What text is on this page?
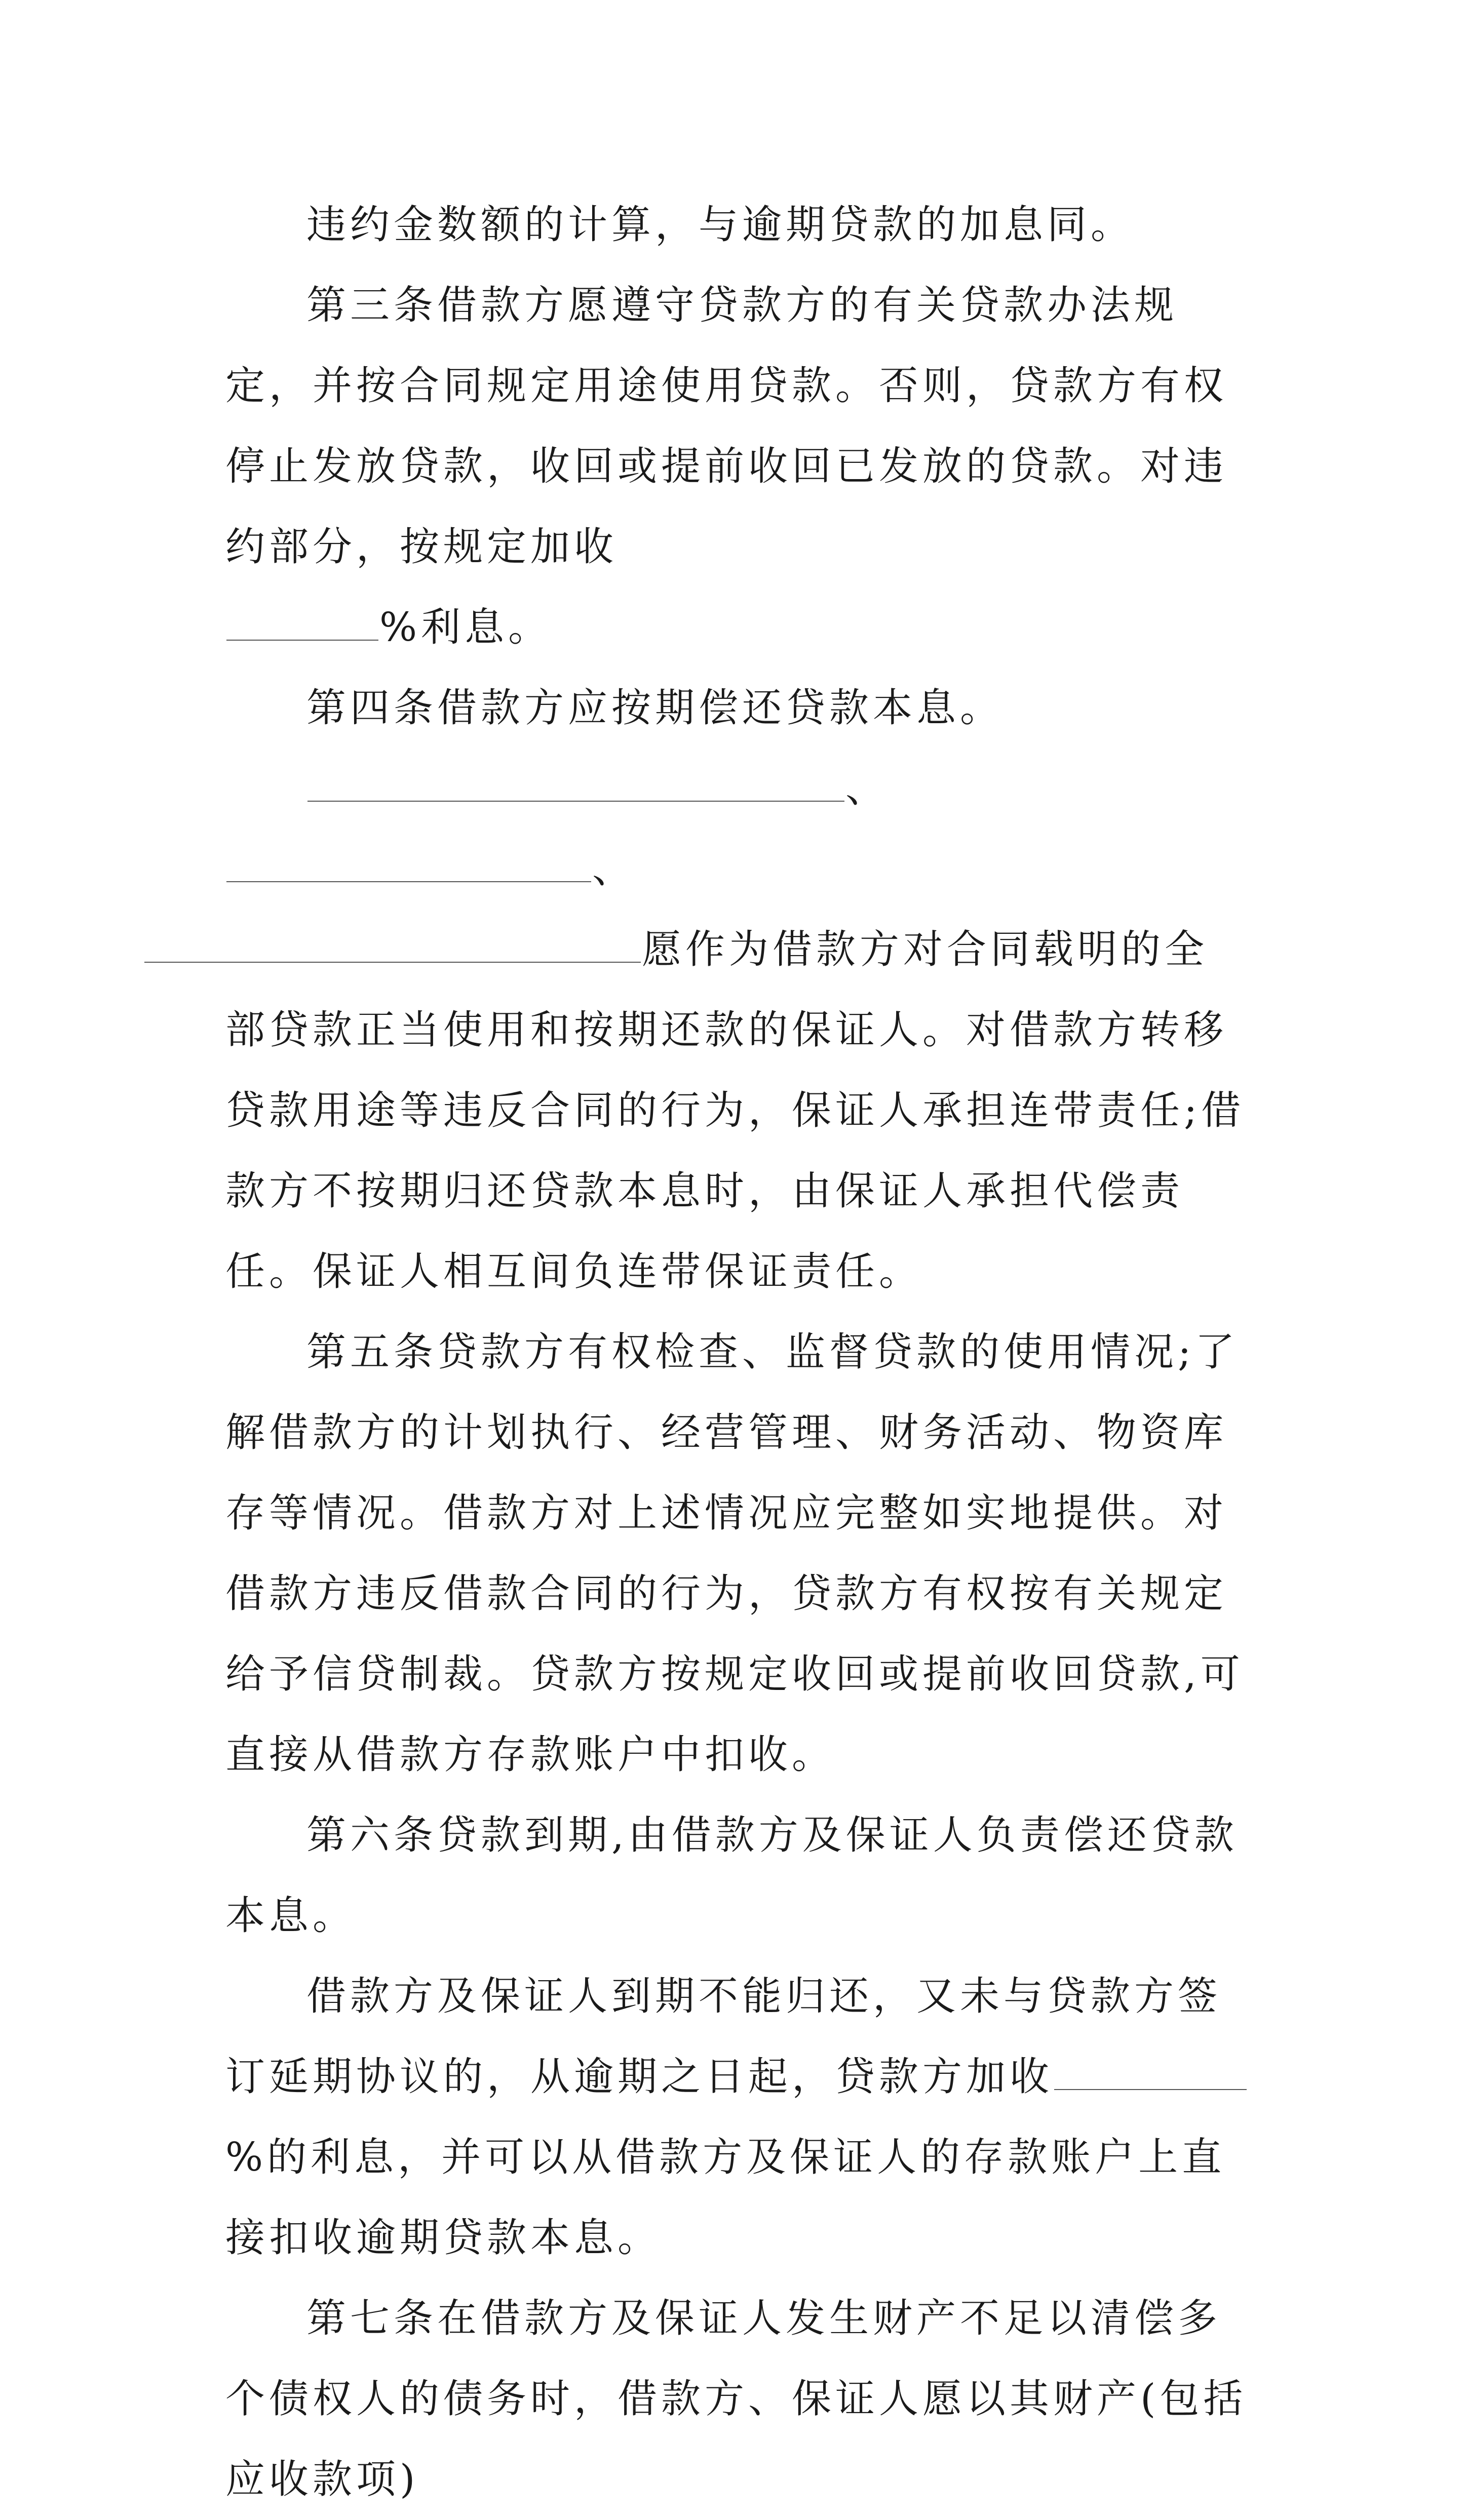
违约金数额的计算，与逾期贷款的加息同。

第三条借款方愿遵守贷款方的有关贷款办法规定，并按合同规定用途使用贷款。否则，贷款方有权停止发放贷款，收回或提前收回已发放的贷款。对违约部分，按规定加收
%利息。

第四条借款方应按期偿还贷款本息。

、、
愿作为借款方对合同载明的全部贷款正当使用和按期还款的保证人。对借款方转移贷款用途等违反合同的行为，保证人承担连带责任;借款方不按期归还贷款本息时，由保证人承担代偿责任。保证人相互间负连带保证责任。

第五条贷款方有权检查、监督贷款的使用情况;了解借款方的计划执行、经营管理、财务活动、物资库存等情况。借款方对上述情况应完整如实地提供。对借款方违反借款合同的行为，贷款方有权按有关规定给予信贷制裁。贷款方按规定收回或提前收回贷款,可直接从借款方存款账户中扣收。

第六条贷款到期,由借款方及保证人负责偿还贷款本息。

借款方及保证人到期不能归还，又未与贷款方签订延期协议的，从逾期之日起，贷款方加收%的利息，并可以从借款方及保证人的存款账户上直接扣收逾期贷款本息。

第七条在借款方及保证人发生财产不足以清偿多个债权人的债务时，借款方、保证人愿以其财产(包括应收款项)
